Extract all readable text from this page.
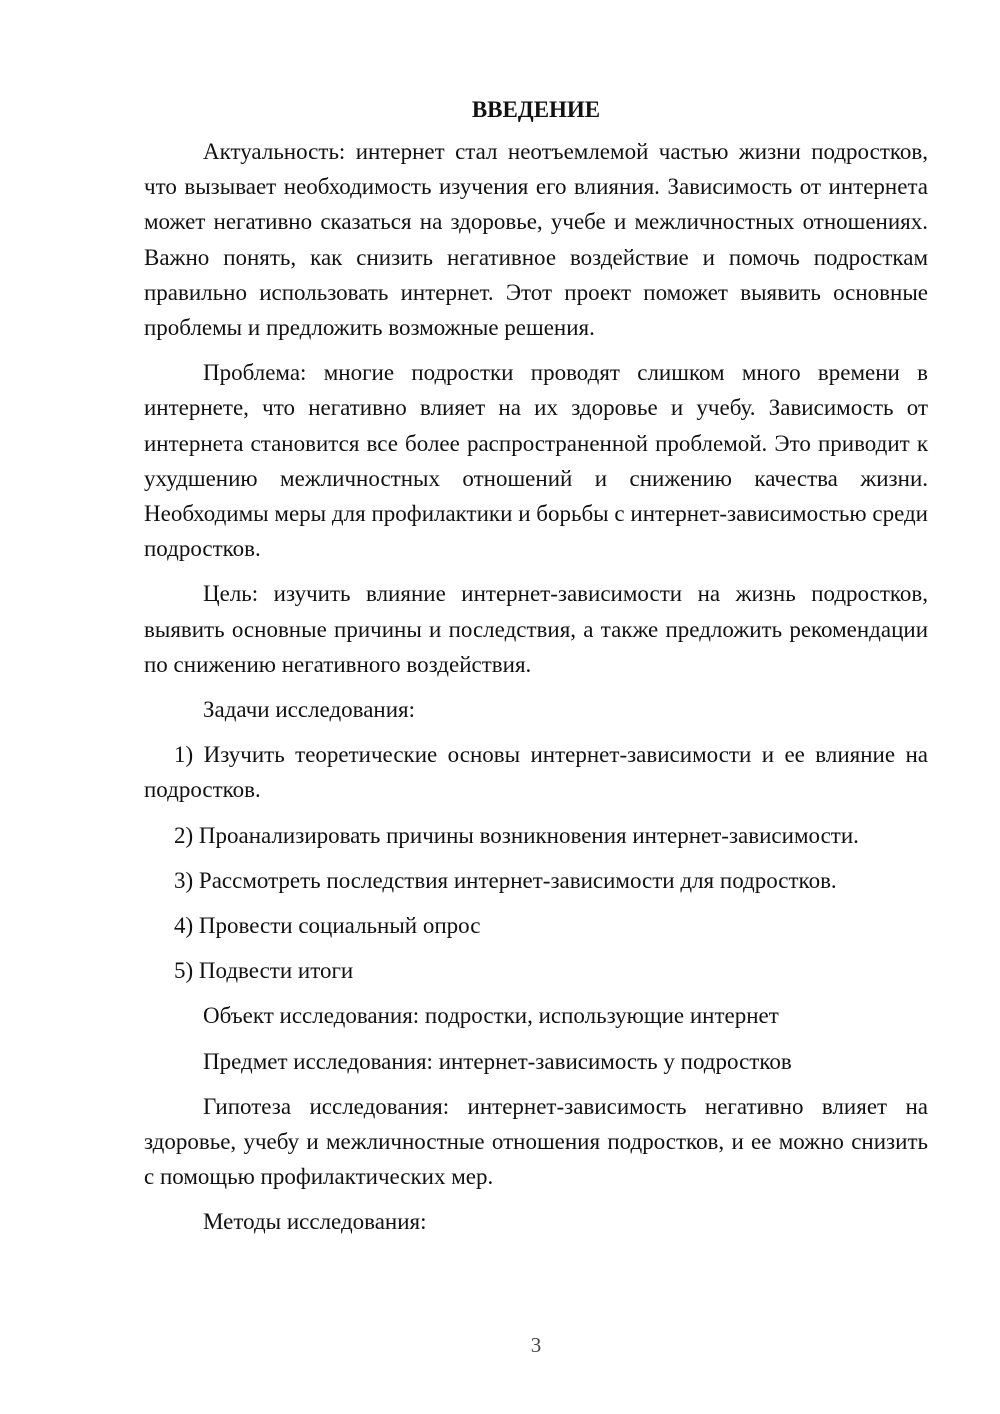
ВВЕДЕНИЕ

Актуальность: интернет стал неотъемлемой частью жизни подростков, что вызывает необходимость изучения его влияния. Зависимость от интернета может негативно сказаться на здоровье, учебе и межличностных отношениях. Важно понять, как снизить негативное воздействие и помочь подросткам правильно использовать интернет. Этот проект поможет выявить основные проблемы и предложить возможные решения.

Проблема: многие подростки проводят слишком много времени в интернете, что негативно влияет на их здоровье и учебу. Зависимость от интернета становится все более распространенной проблемой. Это приводит к ухудшению межличностных отношений и снижению качества жизни. Необходимы меры для профилактики и борьбы с интернет-зависимостью среди подростков.

Цель: изучить влияние интернет-зависимости на жизнь подростков, выявить основные причины и последствия, а также предложить рекомендации по снижению негативного воздействия.

Задачи исследования:

1) Изучить теоретические основы интернет-зависимости и ее влияние на подростков.

2) Проанализировать причины возникновения интернет-зависимости.

3) Рассмотреть последствия интернет-зависимости для подростков.

4) Провести социальный опрос

5) Подвести итоги

Объект исследования: подростки, использующие интернет

Предмет исследования: интернет-зависимость у подростков

Гипотеза исследования: интернет-зависимость негативно влияет на здоровье, учебу и межличностные отношения подростков, и ее можно снизить с помощью профилактических мер.

Методы исследования:

3
